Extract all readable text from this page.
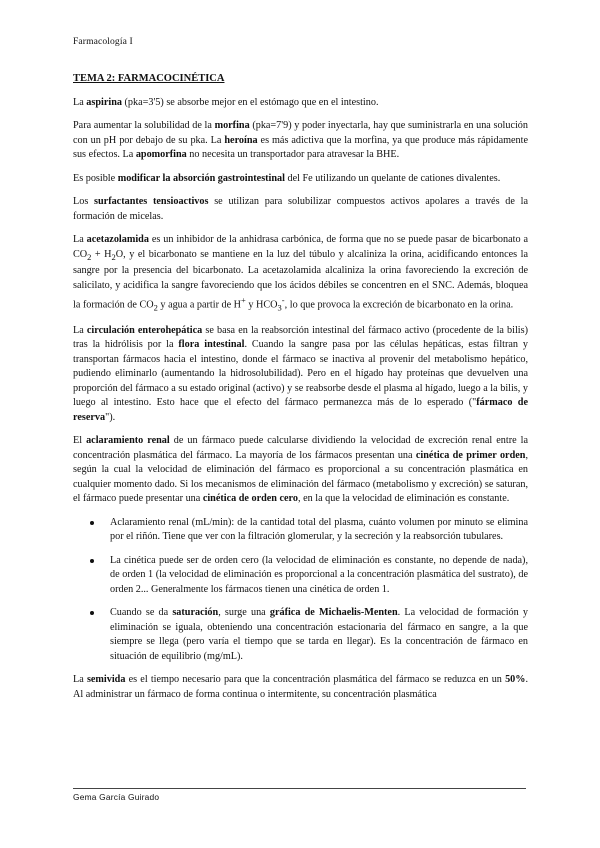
Farmacología I
TEMA 2: FARMACOCINÉTICA

La aspirina (pka=3'5) se absorbe mejor en el estómago que en el intestino.

Para aumentar la solubilidad de la morfina (pka=7'9) y poder inyectarla, hay que suministrarla en una solución con un pH por debajo de su pka. La heroína es más adictiva que la morfina, ya que produce más rápidamente sus efectos. La apomorfina no necesita un transportador para atravesar la BHE.

Es posible modificar la absorción gastrointestinal del Fe utilizando un quelante de cationes divalentes.

Los surfactantes tensioactivos se utilizan para solubilizar compuestos activos apolares a través de la formación de micelas.

La acetazolamida es un inhibidor de la anhidrasa carbónica, de forma que no se puede pasar de bicarbonato a $CO_2 + H_2O$, y el bicarbonato se mantiene en la luz del túbulo y alcaliniza la orina, acidificando entonces la sangre por la presencia del bicarbonato. La acetazolamida alcaliniza la orina favoreciendo la excreción de salicilato, y acidifica la sangre favoreciendo que los ácidos débiles se concentren en el SNC. Además, bloquea la formación de $CO_2$ y agua a partir de H+ y $HCO_3^-$, lo que provoca la excreción de bicarbonato en la orina.

La circulación enterohepática se basa en la reabsorción intestinal del fármaco activo (procedente de la bilis) tras la hidrólisis por la flora intestinal. Cuando la sangre pasa por las células hepáticas, estas filtran y transportan fármacos hacia el intestino, donde el fármaco se inactiva al provenir del metabolismo hepático, pudiendo eliminarlo (aumentando la hidrosolubilidad). Pero en el hígado hay proteínas que devuelven una proporción del fármaco a su estado original (activo) y se reabsorbe desde el plasma al hígado, luego a la bilis, y luego al intestino. Esto hace que el efecto del fármaco permanezca más de lo esperado ("fármaco de reserva").

El aclaramiento renal de un fármaco puede calcularse dividiendo la velocidad de excreción renal entre la concentración plasmática del fármaco. La mayoría de los fármacos presentan una cinética de primer orden, según la cual la velocidad de eliminación del fármaco es proporcional a su concentración plasmática en cualquier momento dado. Si los mecanismos de eliminación del fármaco (metabolismo y excreción) se saturan, el fármaco puede presentar una cinética de orden cero, en la que la velocidad de eliminación es constante.

Aclaramiento renal (mL/min): de la cantidad total del plasma, cuánto volumen por minuto se elimina por el riñón. Tiene que ver con la filtración glomerular, y la secreción y la reabsorción tubulares.
La cinética puede ser de orden cero (la velocidad de eliminación es constante, no depende de nada), de orden 1 (la velocidad de eliminación es proporcional a la concentración plasmática del sustrato), de orden 2... Generalmente los fármacos tienen una cinética de orden 1.
Cuando se da saturación, surge una gráfica de Michaelis-Menten. La velocidad de formación y eliminación se iguala, obteniendo una concentración estacionaria del fármaco en sangre, a la que siempre se llega (pero varía el tiempo que se tarda en llegar). Es la concentración de fármaco en situación de equilibrio (mg/mL).

La semivida es el tiempo necesario para que la concentración plasmática del fármaco se reduzca en un 50%. Al administrar un fármaco de forma continua o intermitente, su concentración plasmática

Gema García Guirado
